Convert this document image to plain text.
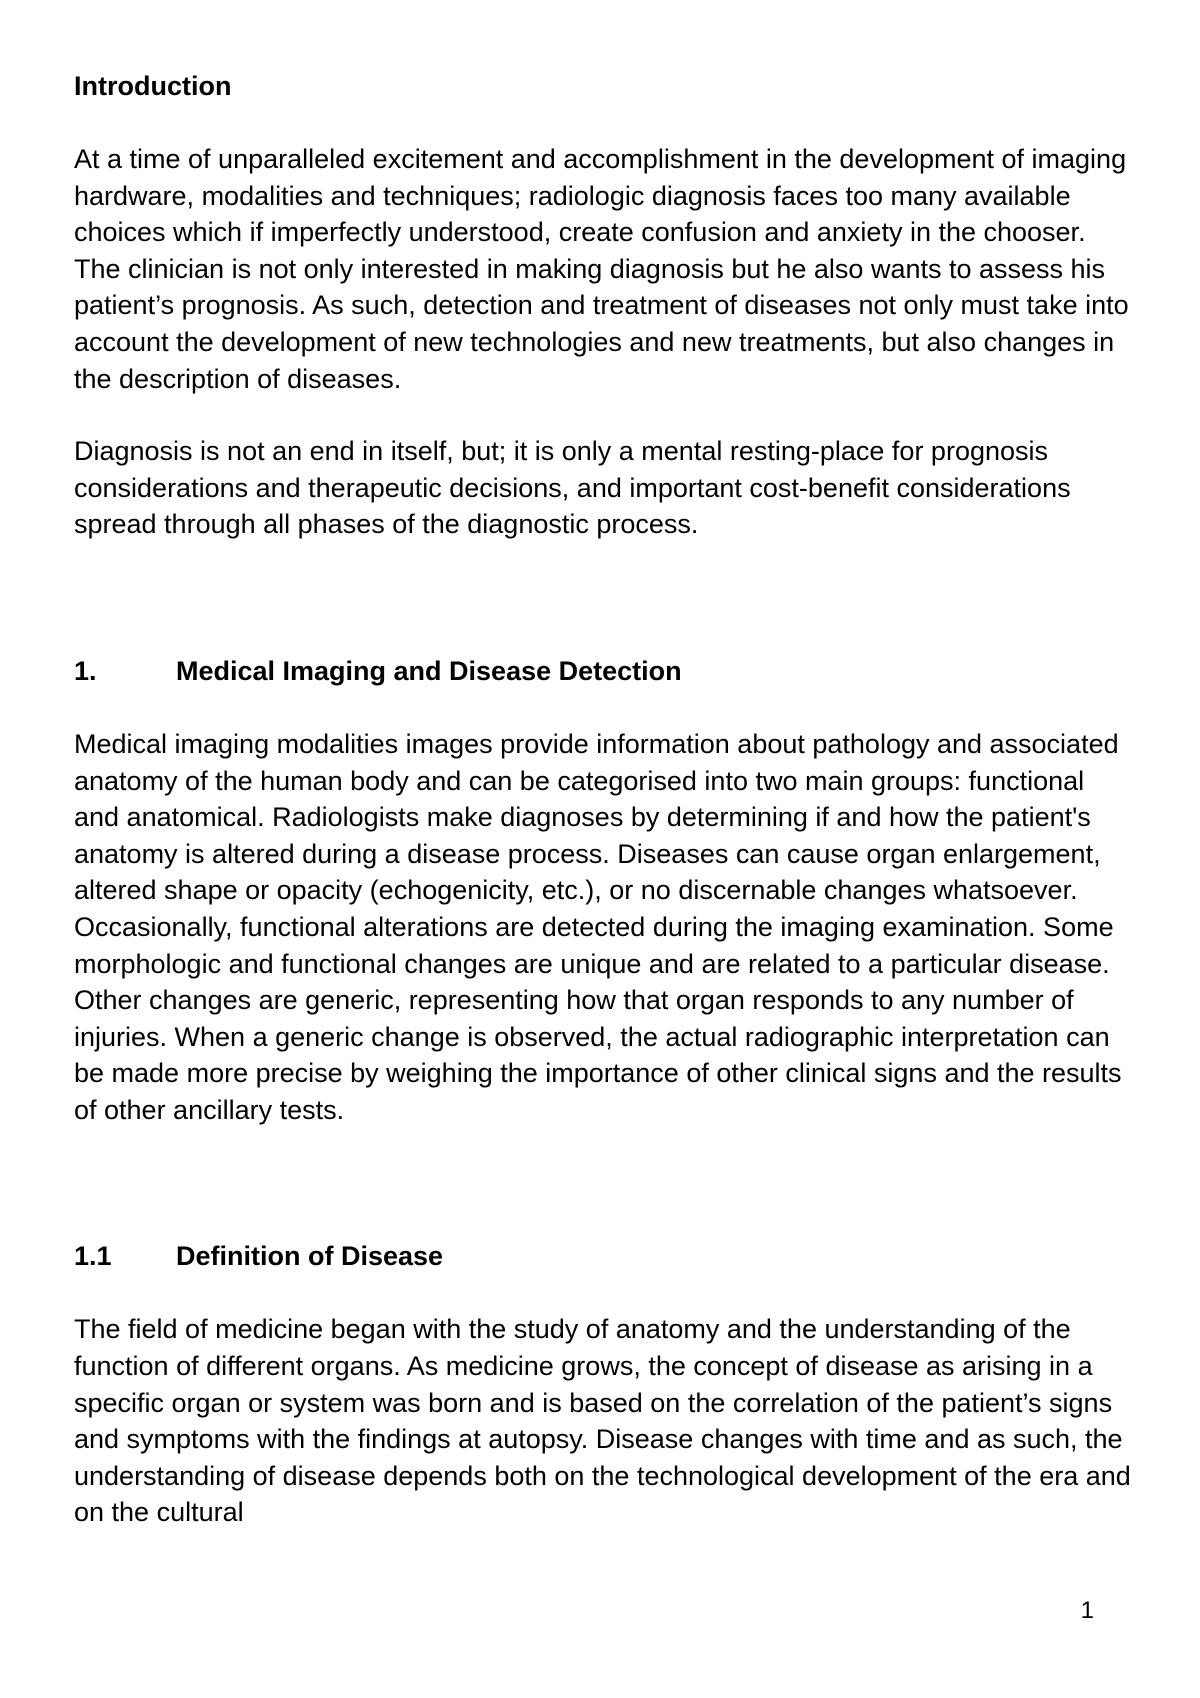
Introduction

At a time of unparalleled excitement and accomplishment in the development of imaging hardware, modalities and techniques; radiologic diagnosis faces too many available choices which if imperfectly understood, create confusion and anxiety in the chooser. The clinician is not only interested in making diagnosis but he also wants to assess his patient’s prognosis. As such, detection and treatment of diseases not only must take into account the development of new technologies and new treatments, but also changes in the description of diseases.

Diagnosis is not an end in itself, but; it is only a mental resting-place for prognosis considerations and therapeutic decisions, and important cost-benefit considerations spread through all phases of the diagnostic process.

1.	Medical Imaging and Disease Detection

Medical imaging modalities images provide information about pathology and associated anatomy of the human body and can be categorised into two main groups: functional and anatomical. Radiologists make diagnoses by determining if and how the patient's anatomy is altered during a disease process. Diseases can cause organ enlargement, altered shape or opacity (echogenicity, etc.), or no discernable changes whatsoever. Occasionally, functional alterations are detected during the imaging examination. Some morphologic and functional changes are unique and are related to a particular disease. Other changes are generic, representing how that organ responds to any number of injuries. When a generic change is observed, the actual radiographic interpretation can be made more precise by weighing the importance of other clinical signs and the results of other ancillary tests.

1.1 Definition of Disease

The field of medicine began with the study of anatomy and the understanding of the function of different organs. As medicine grows, the concept of disease as arising in a specific organ or system was born and is based on the correlation of the patient’s signs and symptoms with the findings at autopsy. Disease changes with time and as such, the understanding of disease depends both on the technological development of the era and on the cultural

1
